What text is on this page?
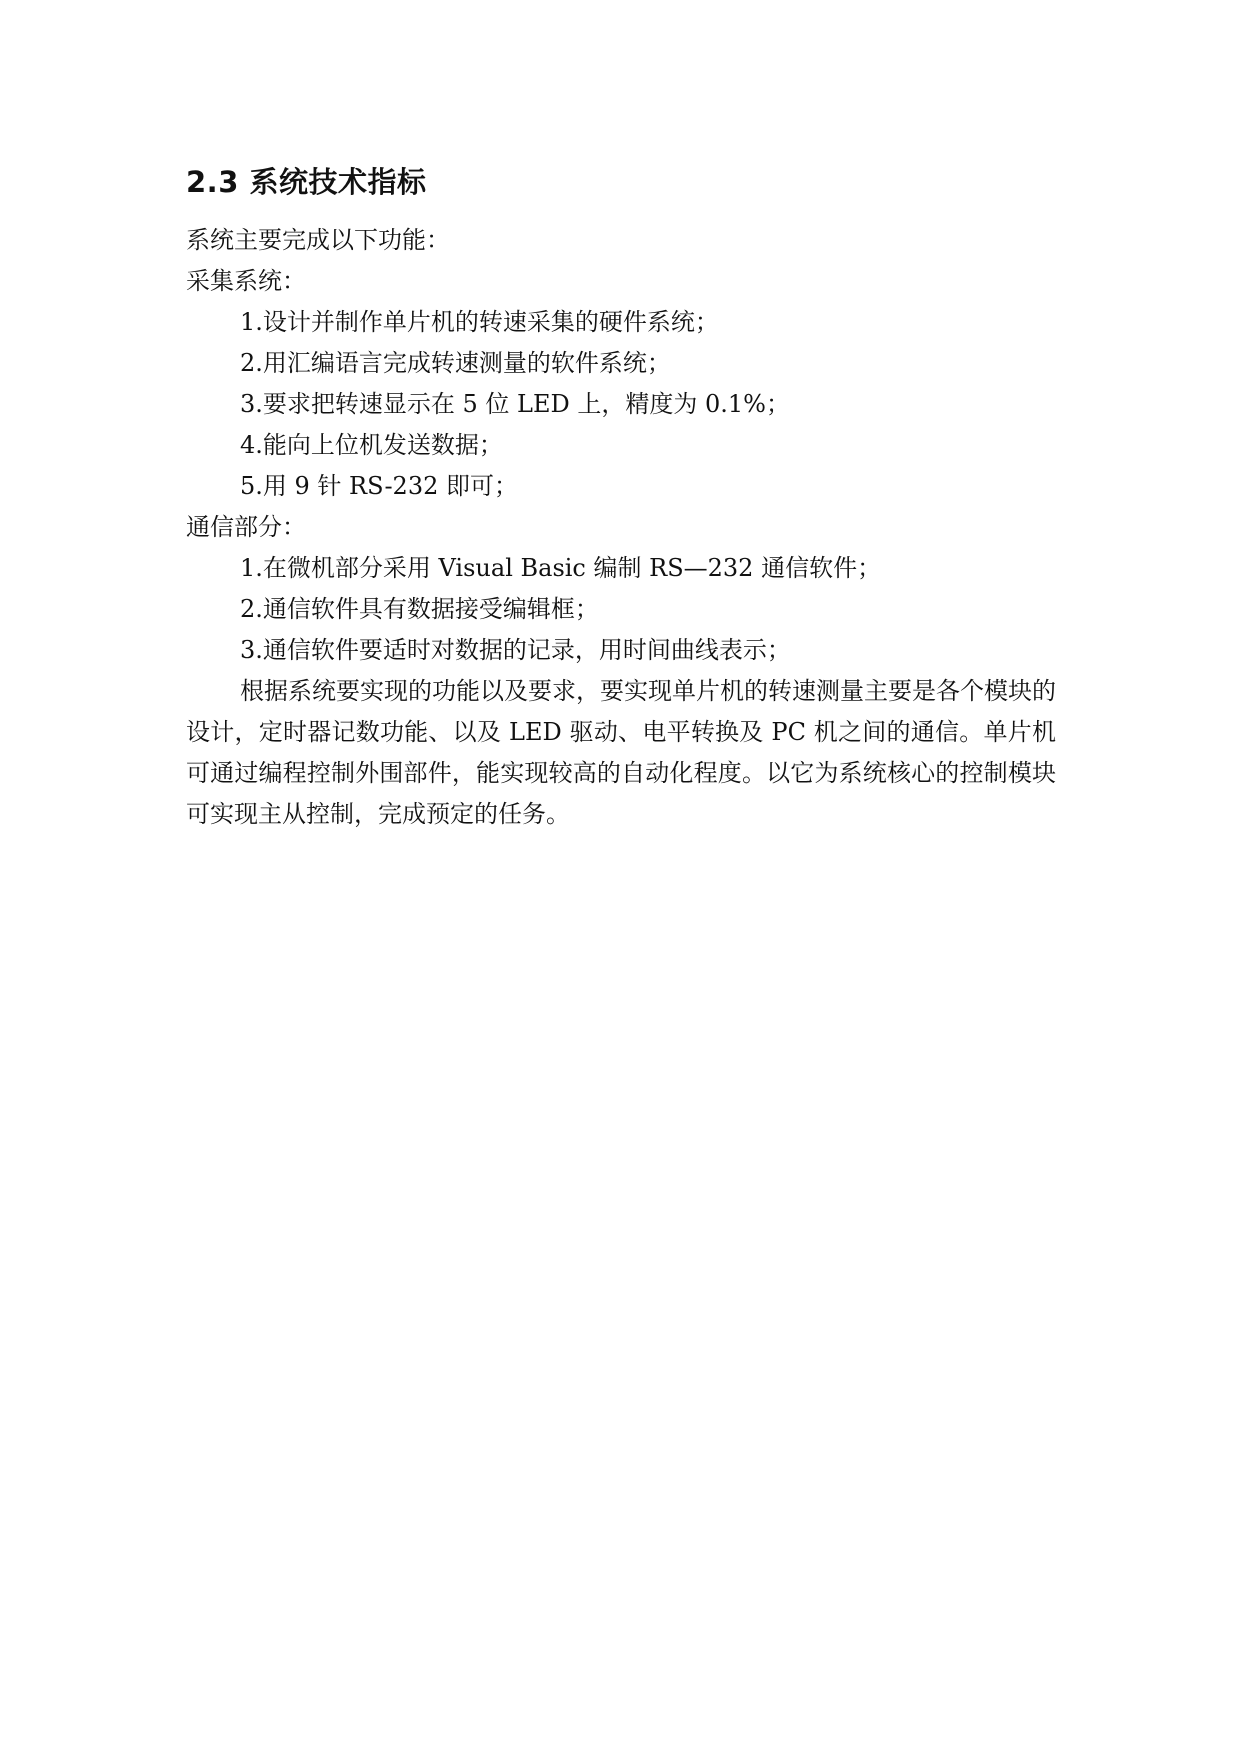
2.3 系统技术指标
系统主要完成以下功能：
采集系统：
1.设计并制作单片机的转速采集的硬件系统；
2.用汇编语言完成转速测量的软件系统；
3.要求把转速显示在 5 位 LED 上，精度为 0.1%；
4.能向上位机发送数据；
5.用 9 针 RS-232 即可；
通信部分：
1.在微机部分采用 Visual Basic 编制 RS—232 通信软件；
2.通信软件具有数据接受编辑框；
3.通信软件要适时对数据的记录，用时间曲线表示；

根据系统要实现的功能以及要求，要实现单片机的转速测量主要是各个模块的设计，定时器记数功能、以及 LED 驱动、电平转换及 PC 机之间的通信。单片机可通过编程控制外围部件，能实现较高的自动化程度。以它为系统核心的控制模块可实现主从控制，完成预定的任务。
